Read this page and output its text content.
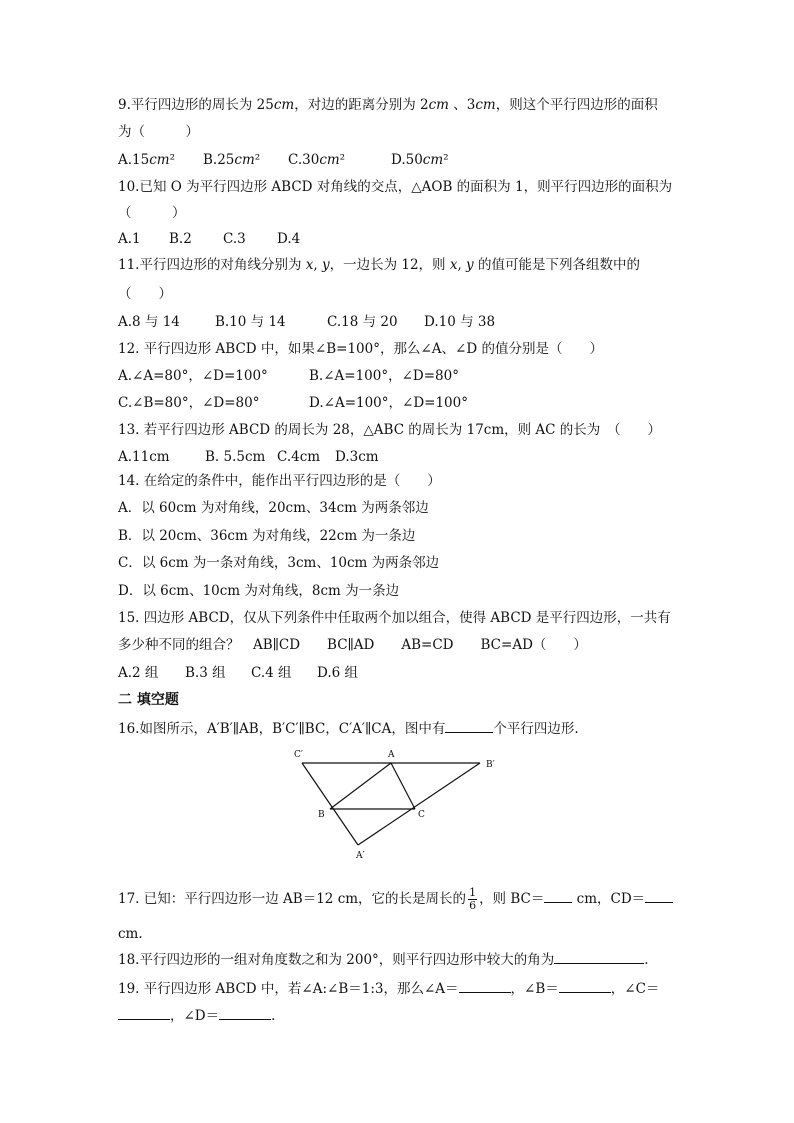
9.平行四边形的周长为 25𝑐𝑚，对边的距离分别为 2𝑐𝑚 、3𝑐𝑚，则这个平行四边形的面积
为（　　　）
A.15𝑐𝑚² B.25𝑐𝑚² C.30𝑐𝑚²	D.50𝑐𝑚²
10.已知 O 为平行四边形 ABCD 对角线的交点，△AOB 的面积为 1，则平行四边形的面积为
（　　　）
A.1 B.2 C.3 D.4
11.平行四边形的对角线分别为 𝑥, 𝑦，一边长为 12，则 𝑥, 𝑦 的值可能是下列各组数中的
（　　）
A.8 与 14	B.10 与 14	C.18 与 20 D.10 与 38
12. 平行四边形 ABCD 中，如果∠B=100°，那么∠A、∠D 的值分别是（　　）
A.∠A=80°，∠D=100°	B.∠A=100°，∠D=80°
C.∠B=80°，∠D=80°	D.∠A=100°，∠D=100°
13. 若平行四边形 ABCD 的周长为 28，△ABC 的周长为 17cm，则 AC 的长为　（　　）
A.11cm	B. 5.5cm C.4cm D.3cm
14. 在给定的条件中，能作出平行四边形的是（　　）
A．以 60cm 为对角线，20cm、34cm 为两条邻边
B．以 20cm、36cm 为对角线，22cm 为一条边
C．以 6cm 为一条对角线，3cm、10cm 为两条邻边
D．以 6cm、10cm 为对角线，8cm 为一条边
15. 四边形 ABCD，仅从下列条件中任取两个加以组合，使得 ABCD 是平行四边形，一共有
多少种不同的组合？　AB∥CD　　BC∥AD　　AB=CD　　BC=AD（　　）
A.2 组 B.3 组 C.4 组 D.6 组
二 填空题
16.如图所示，A′B′∥AB，B′C′∥BC，C′A′∥CA，图中有	个平行四边形.
C′	A
B′
B	C
A′
17. 已知：平行四边形一边 AB＝12 cm，它的长是周长的 $\frac{1}{6}$ ，则 BC＝ cm，CD＝
cm.
18.平行四边形的一组对角度数之和为 200°，则平行四边形中较大的角为	.
19. 平行四边形 ABCD 中，若∠A:∠B＝1:3，那么∠A＝	，∠B＝	，∠C＝
，∠D＝	.
